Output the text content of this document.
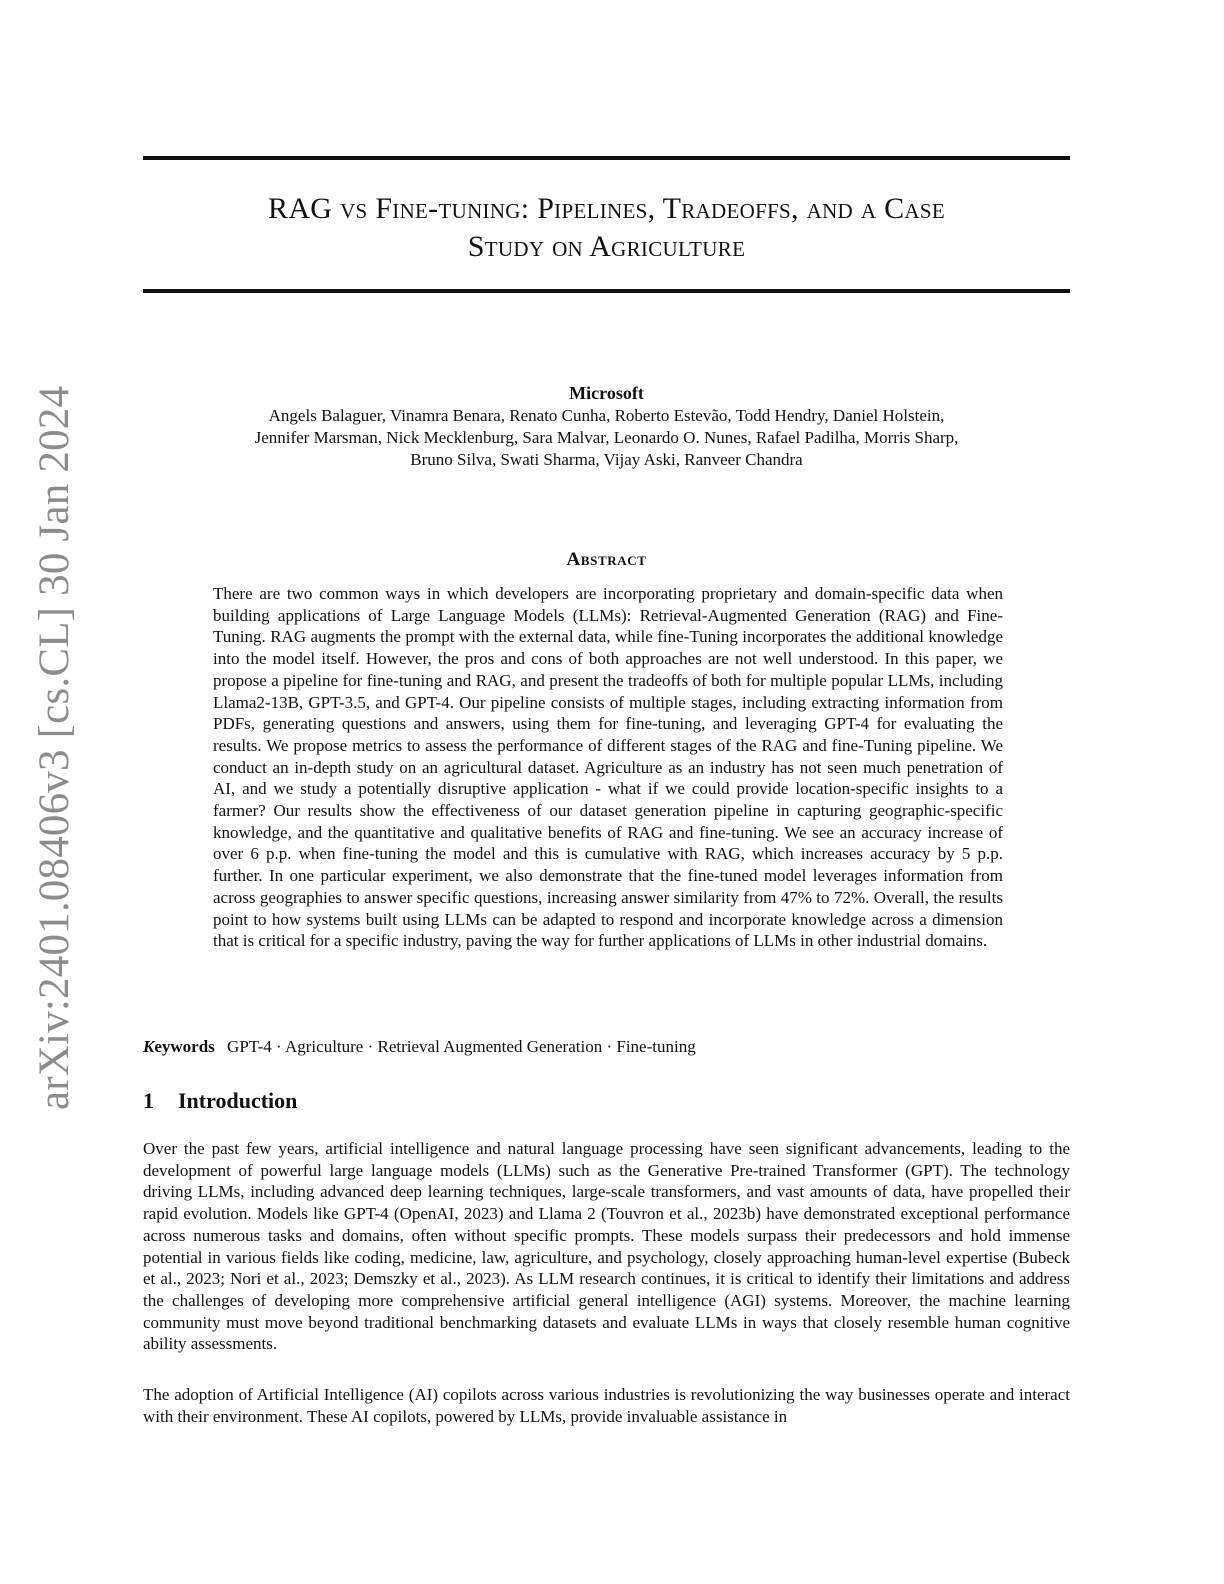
arXiv:2401.08406v3 [cs.CL] 30 Jan 2024
RAG vs Fine-tuning: Pipelines, Tradeoffs, and a Case
Study on Agriculture
Microsoft
Angels Balaguer, Vinamra Benara, Renato Cunha, Roberto Estevão, Todd Hendry, Daniel Holstein,
Jennifer Marsman, Nick Mecklenburg, Sara Malvar, Leonardo O. Nunes, Rafael Padilha, Morris Sharp,
Bruno Silva, Swati Sharma, Vijay Aski, Ranveer Chandra
Abstract
There are two common ways in which developers are incorporating proprietary and domain-specific data when building applications of Large Language Models (LLMs): Retrieval-Augmented Generation (RAG) and Fine-Tuning. RAG augments the prompt with the external data, while fine-Tuning incorporates the additional knowledge into the model itself. However, the pros and cons of both approaches are not well understood. In this paper, we propose a pipeline for fine-tuning and RAG, and present the tradeoffs of both for multiple popular LLMs, including Llama2-13B, GPT-3.5, and GPT-4. Our pipeline consists of multiple stages, including extracting information from PDFs, generating questions and answers, using them for fine-tuning, and leveraging GPT-4 for evaluating the results. We propose metrics to assess the performance of different stages of the RAG and fine-Tuning pipeline. We conduct an in-depth study on an agricultural dataset. Agriculture as an industry has not seen much penetration of AI, and we study a potentially disruptive application - what if we could provide location-specific insights to a farmer? Our results show the effectiveness of our dataset generation pipeline in capturing geographic-specific knowledge, and the quantitative and qualitative benefits of RAG and fine-tuning. We see an accuracy increase of over 6 p.p. when fine-tuning the model and this is cumulative with RAG, which increases accuracy by 5 p.p. further. In one particular experiment, we also demonstrate that the fine-tuned model leverages information from across geographies to answer specific questions, increasing answer similarity from 47% to 72%. Overall, the results point to how systems built using LLMs can be adapted to respond and incorporate knowledge across a dimension that is critical for a specific industry, paving the way for further applications of LLMs in other industrial domains.
Keywords GPT-4 · Agriculture · Retrieval Augmented Generation · Fine-tuning
1 Introduction
Over the past few years, artificial intelligence and natural language processing have seen significant advancements, leading to the development of powerful large language models (LLMs) such as the Generative Pre-trained Transformer (GPT). The technology driving LLMs, including advanced deep learning techniques, large-scale transformers, and vast amounts of data, have propelled their rapid evolution. Models like GPT-4 (OpenAI, 2023) and Llama 2 (Touvron et al., 2023b) have demonstrated exceptional performance across numerous tasks and domains, often without specific prompts. These models surpass their predecessors and hold immense potential in various fields like coding, medicine, law, agriculture, and psychology, closely approaching human-level expertise (Bubeck et al., 2023; Nori et al., 2023; Demszky et al., 2023). As LLM research continues, it is critical to identify their limitations and address the challenges of developing more comprehensive artificial general intelligence (AGI) systems. Moreover, the machine learning community must move beyond traditional benchmarking datasets and evaluate LLMs in ways that closely resemble human cognitive ability assessments.
The adoption of Artificial Intelligence (AI) copilots across various industries is revolutionizing the way businesses operate and interact with their environment. These AI copilots, powered by LLMs, provide invaluable assistance in
